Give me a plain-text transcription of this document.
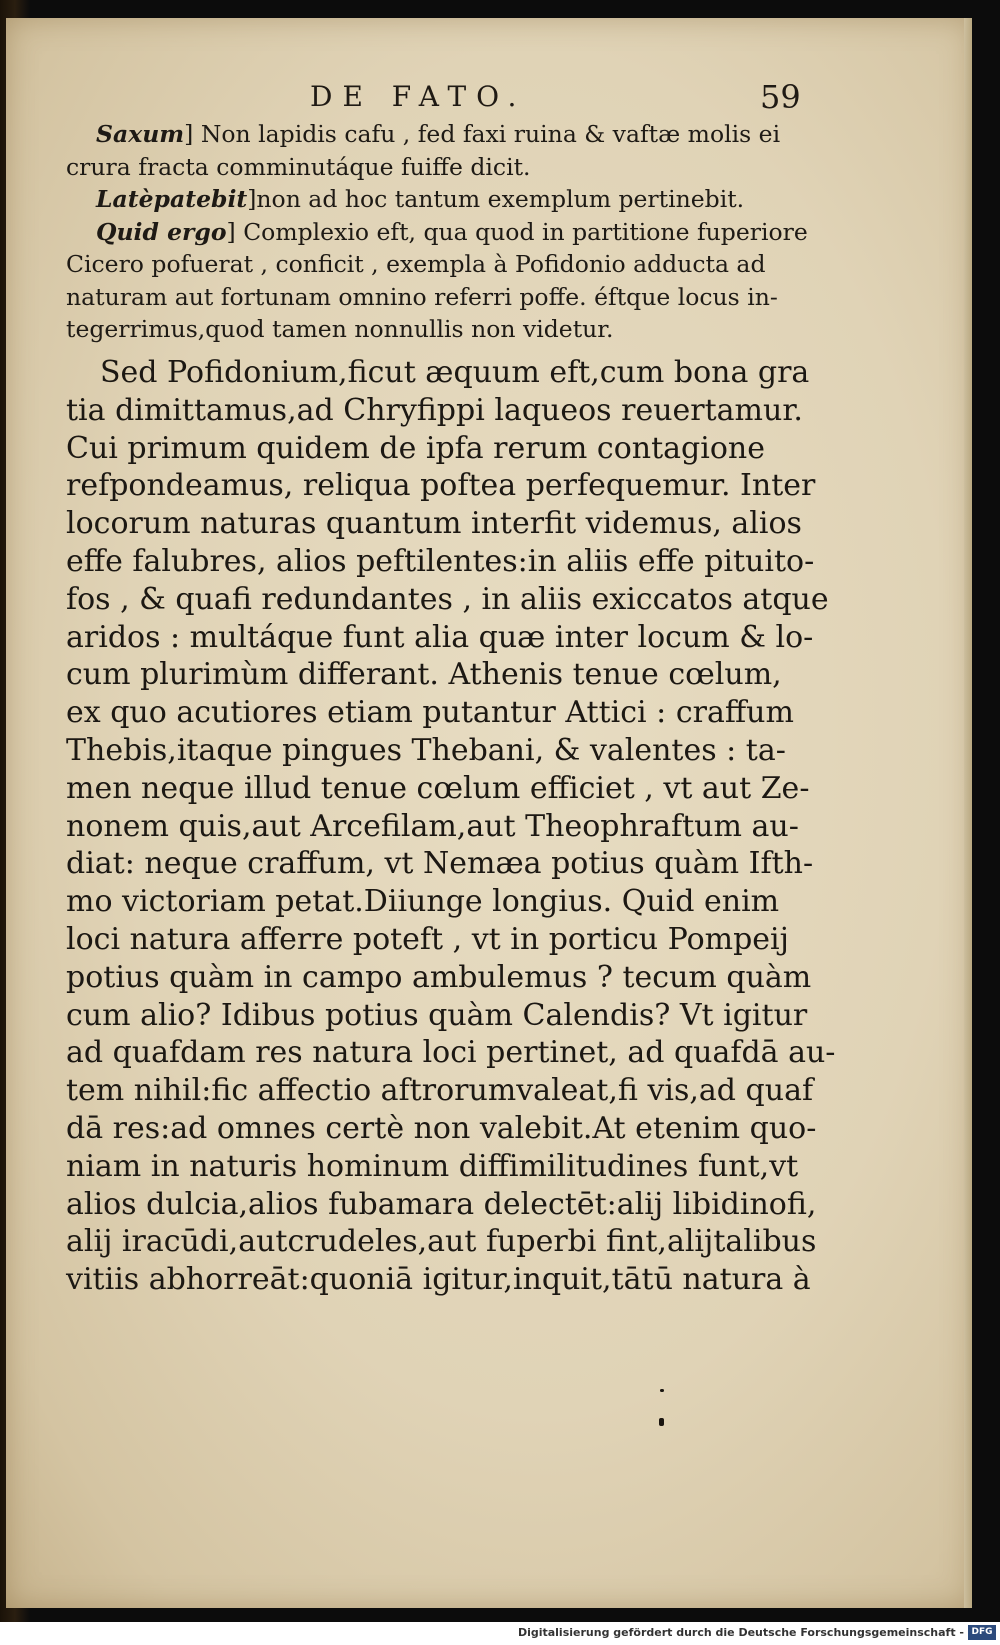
DE FATO.	59
Saxum] Non lapidis cafu , fed faxi ruina & vaftæ molis ei
crura fracta comminutáque fuiffe dicit.
Latèpatebit]non ad hoc tantum exemplum pertinebit.
Quid ergo] Complexio eft, qua quod in partitione fuperiore
Cicero pofuerat , conficit , exempla à Pofidonio adducta ad
naturam aut fortunam omnino referri poffe. éftque locus in-
tegerrimus,quod tamen nonnullis non videtur.
Sed Pofidonium,ficut æquum eft,cum bona gra
tia dimittamus,ad Chryfippi laqueos reuertamur.
Cui primum quidem de ipfa rerum contagione
refpondeamus, reliqua poftea perfequemur. Inter
locorum naturas quantum interfit videmus, alios
effe falubres, alios peftilentes:in aliis effe pituito-
fos , & quafi redundantes , in aliis exiccatos atque
aridos : multáque funt alia quæ inter locum & lo-
cum plurimùm differant. Athenis tenue cœlum,
ex quo acutiores etiam putantur Attici : craffum
Thebis,itaque pingues Thebani, & valentes : ta-
men neque illud tenue cœlum efficiet , vt aut Ze-
nonem quis,aut Arcefilam,aut Theophraftum au-
diat: neque craffum, vt Nemæa potius quàm Ifth-
mo victoriam petat.Diiunge longius. Quid enim
loci natura afferre poteft , vt in porticu Pompeij
potius quàm in campo ambulemus ? tecum quàm
cum alio? Idibus potius quàm Calendis? Vt igitur
ad quafdam res natura loci pertinet, ad quafdā au-
tem nihil:fic affectio aftrorumvaleat,fi vis,ad quaf
dā res:ad omnes certè non valebit.At etenim quo-
niam in naturis hominum diffimilitudines funt,vt
alios dulcia,alios fubamara delectēt:alij libidinofi,
alij iracūdi,autcrudeles,aut fuperbi fint,alijtalibus
vitiis abhorreāt:quoniā igitur,inquit,tātū natura à
Digitalisierung gefördert durch die Deutsche Forschungsgemeinschaft - DFG
